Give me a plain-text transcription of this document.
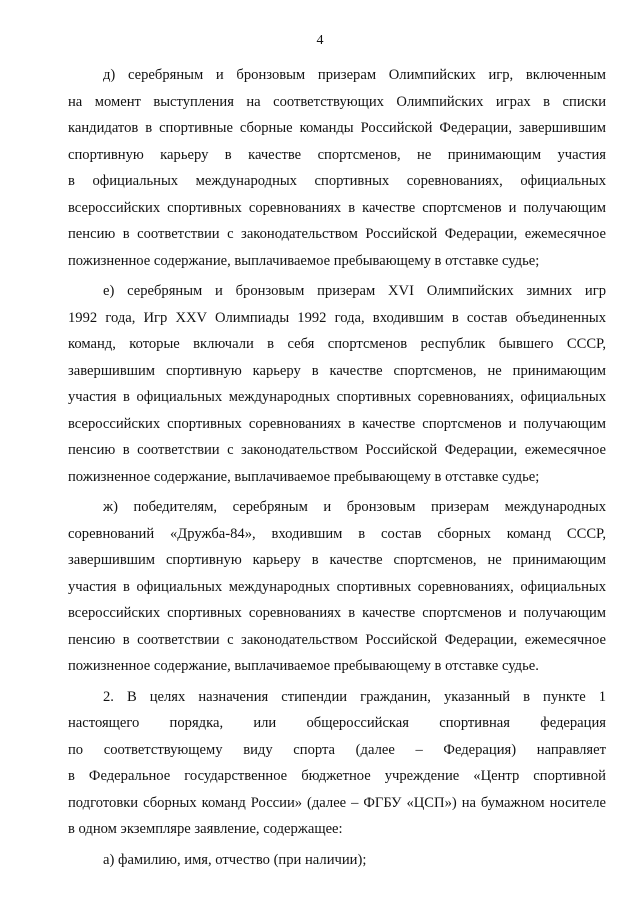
4
д) серебряным и бронзовым призерам Олимпийских игр, включенным
на момент выступления на соответствующих Олимпийских играх в списки
кандидатов в спортивные сборные команды Российской Федерации, завершившим
спортивную карьеру в качестве спортсменов, не принимающим участия
в официальных международных спортивных соревнованиях, официальных
всероссийских спортивных соревнованиях в качестве спортсменов и получающим
пенсию в соответствии с законодательством Российской Федерации, ежемесячное
пожизненное содержание, выплачиваемое пребывающему в отставке судье;
е) серебряным и бронзовым призерам XVI Олимпийских зимних игр
1992 года, Игр XXV Олимпиады 1992 года, входившим в состав объединенных
команд, которые включали в себя спортсменов республик бывшего СССР,
завершившим спортивную карьеру в качестве спортсменов, не принимающим
участия в официальных международных спортивных соревнованиях, официальных
всероссийских спортивных соревнованиях в качестве спортсменов и получающим
пенсию в соответствии с законодательством Российской Федерации, ежемесячное
пожизненное содержание, выплачиваемое пребывающему в отставке судье;
ж) победителям, серебряным и бронзовым призерам международных
соревнований «Дружба-84», входившим в состав сборных команд СССР,
завершившим спортивную карьеру в качестве спортсменов, не принимающим
участия в официальных международных спортивных соревнованиях, официальных
всероссийских спортивных соревнованиях в качестве спортсменов и получающим
пенсию в соответствии с законодательством Российской Федерации, ежемесячное
пожизненное содержание, выплачиваемое пребывающему в отставке судье.
2. В целях назначения стипендии гражданин, указанный в пункте 1
настоящего порядка, или общероссийская спортивная федерация
по соответствующему виду спорта (далее – Федерация) направляет
в Федеральное государственное бюджетное учреждение «Центр спортивной
подготовки сборных команд России» (далее – ФГБУ «ЦСП») на бумажном носителе
в одном экземпляре заявление, содержащее:
а) фамилию, имя, отчество (при наличии);
